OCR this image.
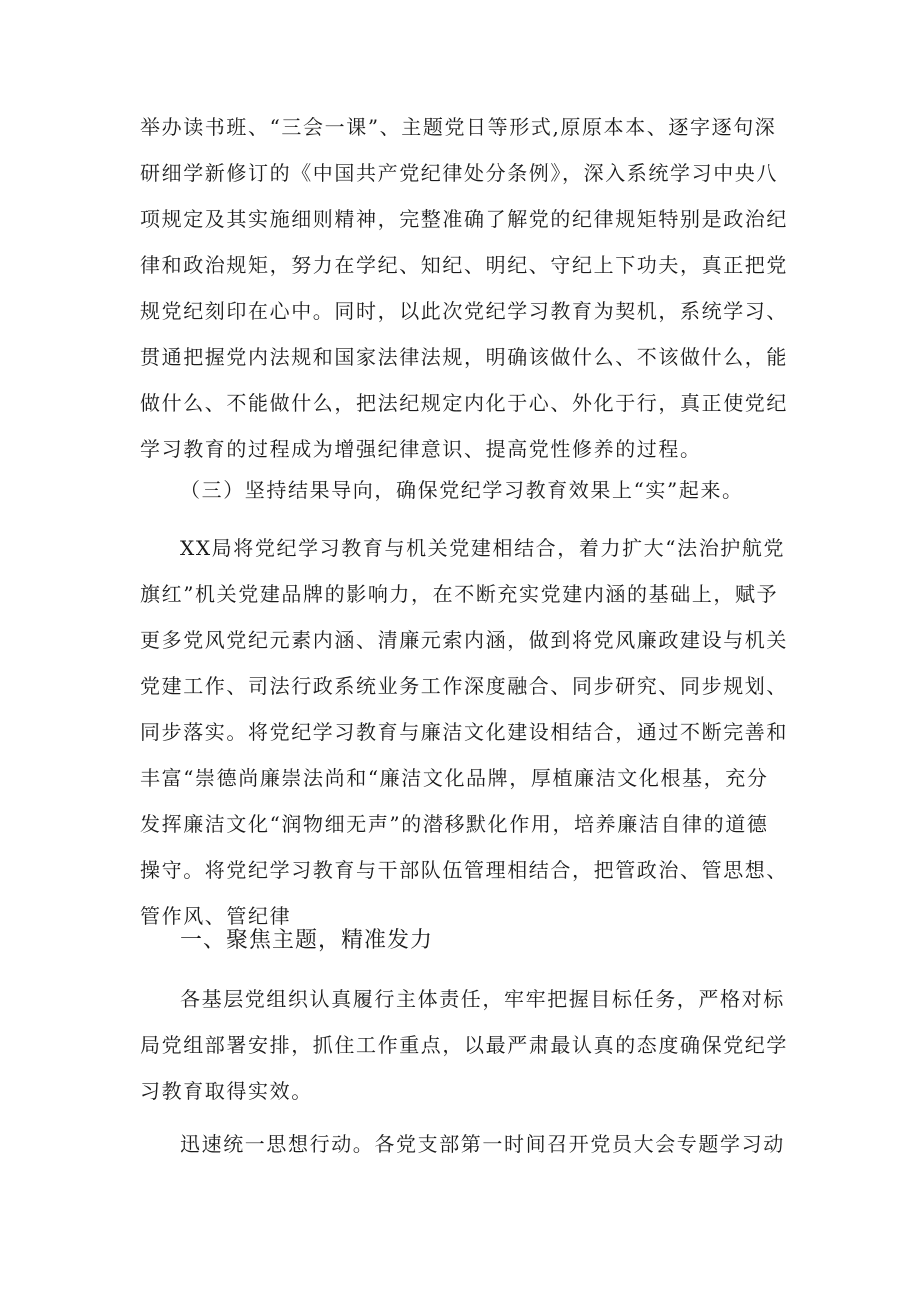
举办读书班、“三会一课”、主题党日等形式,原原本本、逐字逐句深
研细学新修订的《中国共产党纪律处分条例》，深入系统学习中央八
项规定及其实施细则精神，完整准确了解党的纪律规矩特别是政治纪
律和政治规矩，努力在学纪、知纪、明纪、守纪上下功夫，真正把党
规党纪刻印在心中。同时，以此次党纪学习教育为契机，系统学习、
贯通把握党内法规和国家法律法规，明确该做什么、不该做什么，能
做什么、不能做什么，把法纪规定内化于心、外化于行，真正使党纪
学习教育的过程成为增强纪律意识、提高党性修养的过程。

（三）坚持结果导向，确保党纪学习教育效果上“实”起来。

XX局将党纪学习教育与机关党建相结合，着力扩大“法治护航党
旗红”机关党建品牌的影响力，在不断充实党建内涵的基础上，赋予
更多党风党纪元素内涵、清廉元索内涵，做到将党风廉政建设与机关
党建工作、司法行政系统业务工作深度融合、同步研究、同步规划、
同步落实。将党纪学习教育与廉洁文化建设相结合，通过不断完善和
丰富“崇德尚廉崇法尚和“廉洁文化品牌，厚植廉洁文化根基，充分
发挥廉洁文化“润物细无声”的潜移默化作用，培养廉洁自律的道德
操守。将党纪学习教育与干部队伍管理相结合，把管政治、管思想、
管作风、管纪律

一、聚焦主题，精准发力

各基层党组织认真履行主体责任，牢牢把握目标任务，严格对标
局党组部署安排，抓住工作重点，以最严肃最认真的态度确保党纪学
习教育取得实效。

迅速统一思想行动。各党支部第一时间召开党员大会专题学习动
